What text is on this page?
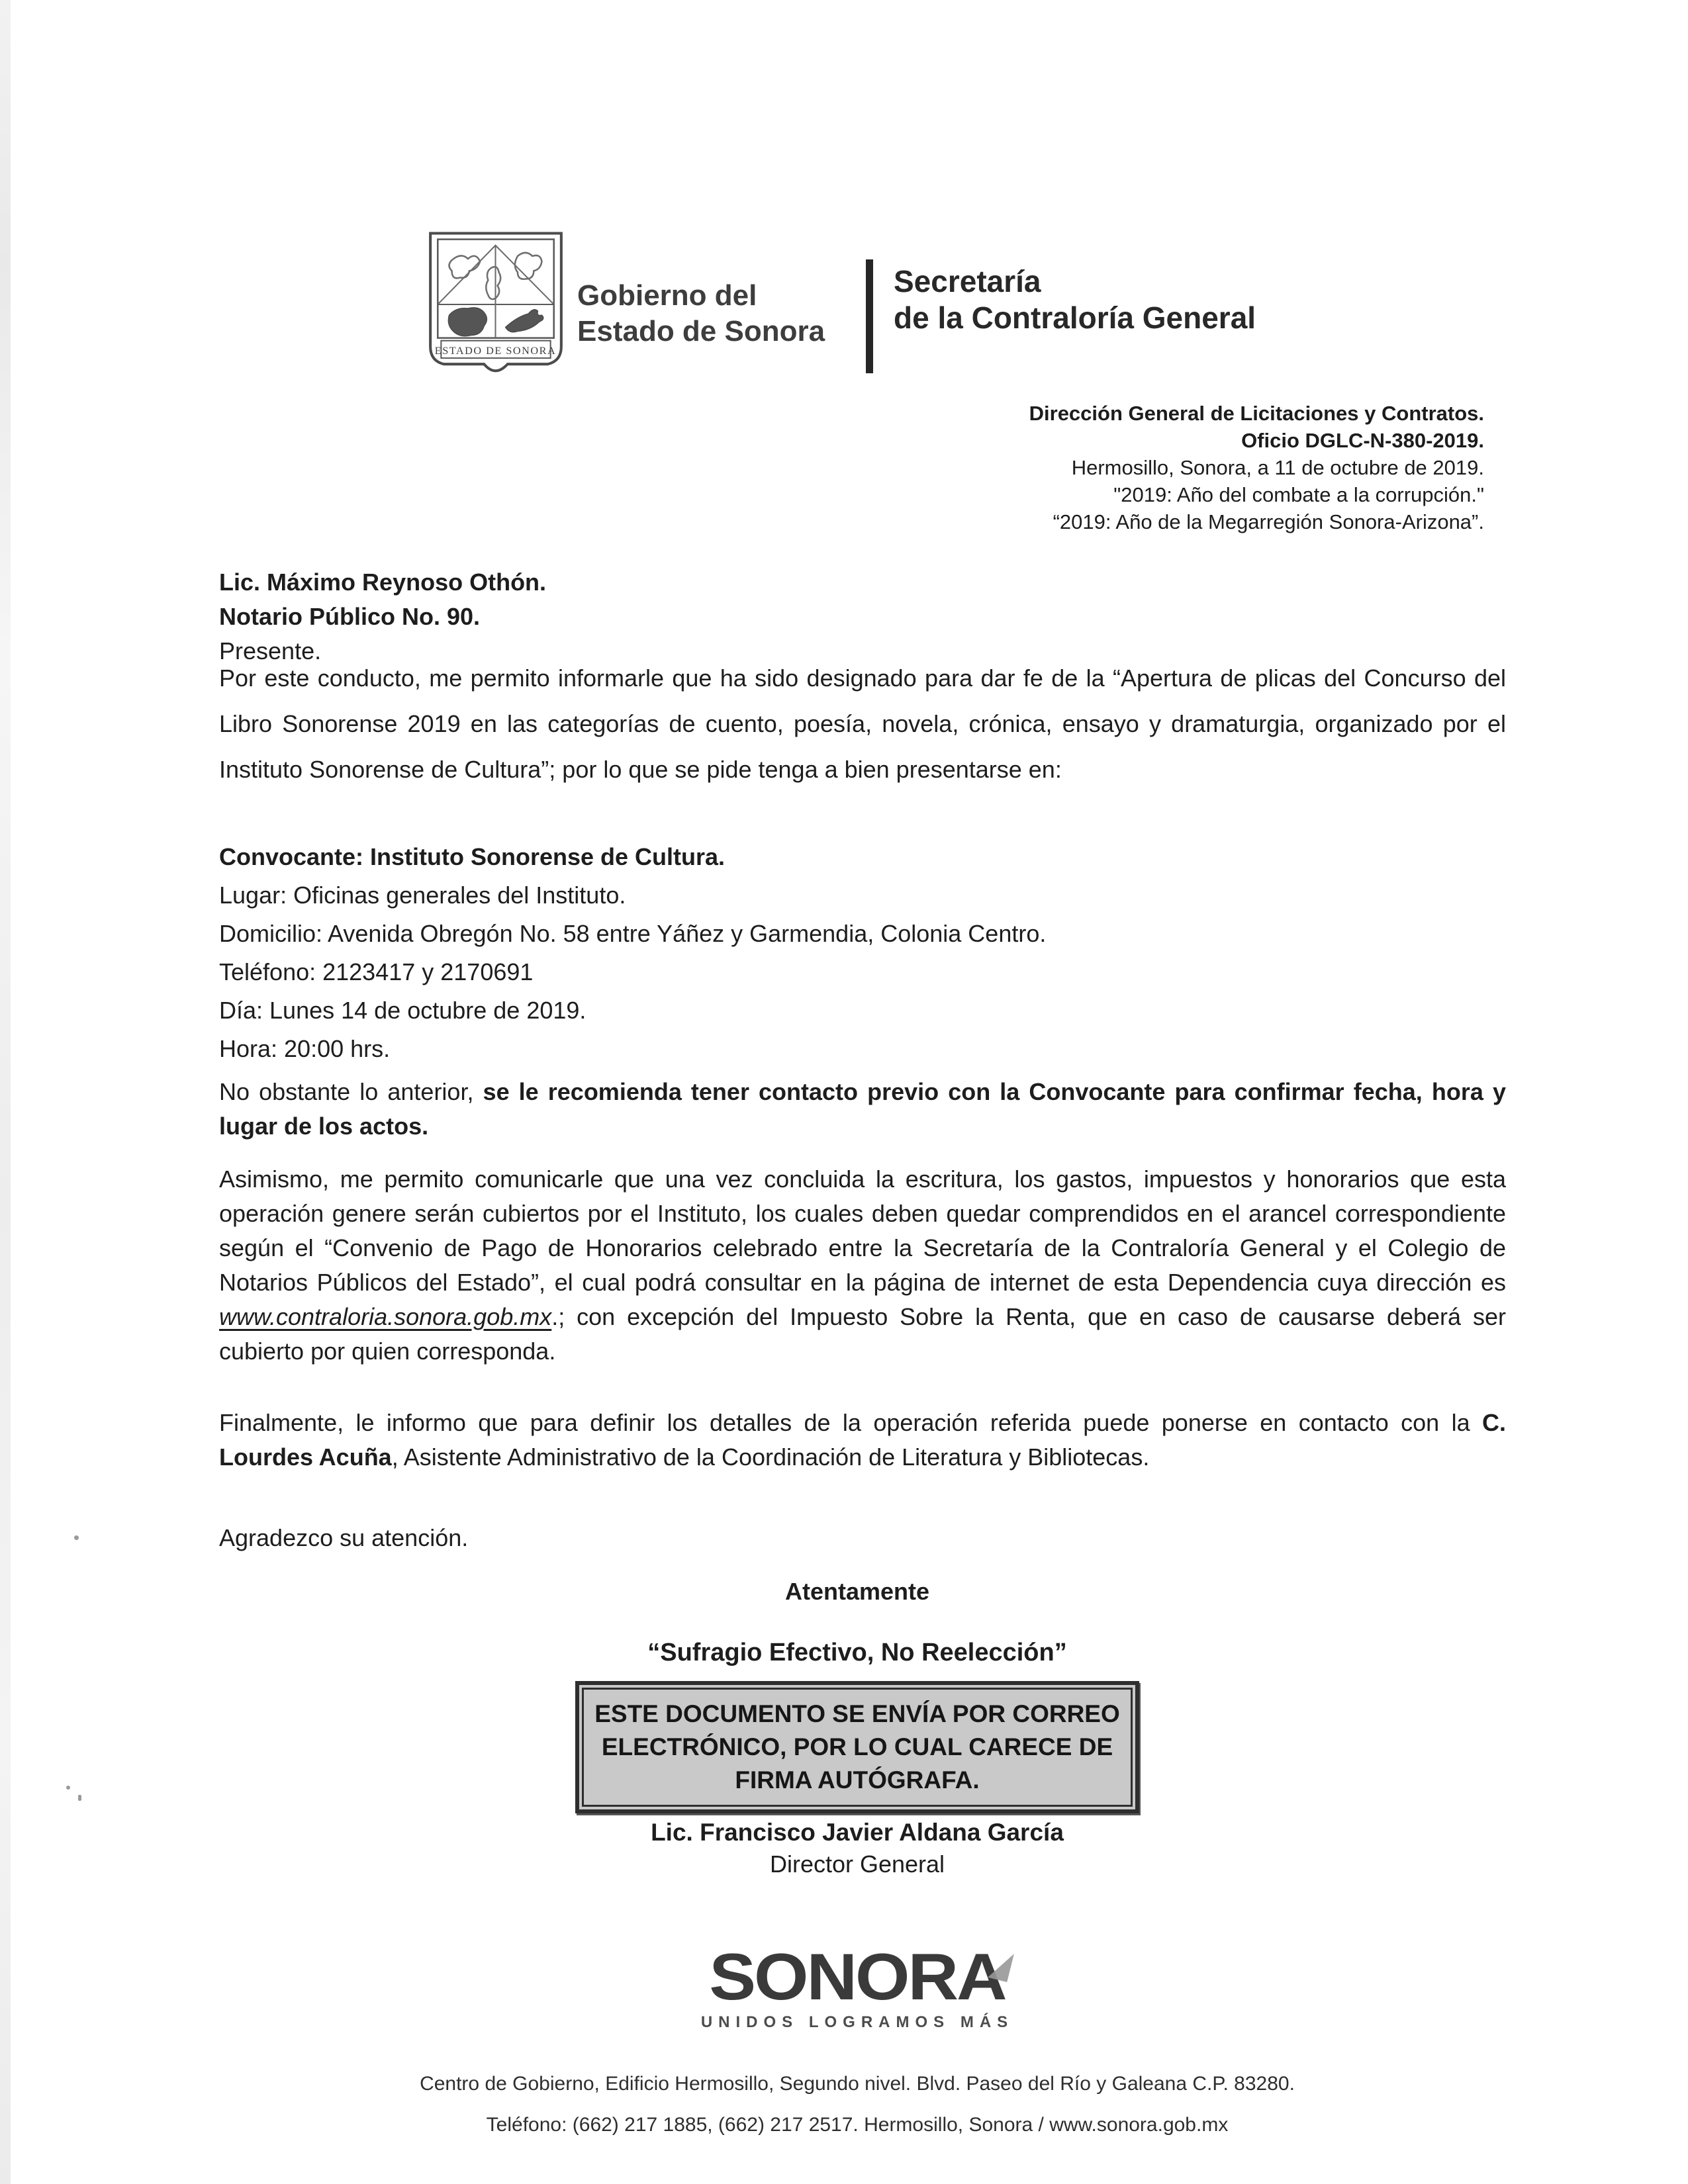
ESTADO DE SONORA
Gobierno del
Estado de Sonora
Secretaría
de la Contraloría General
Dirección General de Licitaciones y Contratos.
Oficio DGLC-N-380-2019.
Hermosillo, Sonora, a 11 de octubre de 2019.
"2019: Año del combate a la corrupción."
“2019: Año de la Megarregión Sonora-Arizona”.
Lic. Máximo Reynoso Othón.
Notario Público No. 90.
Presente.

Por este conducto, me permito informarle que ha sido designado para dar fe de la “Apertura de plicas del Concurso del Libro Sonorense 2019 en las categorías de cuento, poesía, novela, crónica, ensayo y dramaturgia, organizado por el Instituto Sonorense de Cultura”; por lo que se pide tenga a bien presentarse en:

Convocante: Instituto Sonorense de Cultura.
Lugar: Oficinas generales del Instituto.
Domicilio: Avenida Obregón No. 58 entre Yáñez y Garmendia, Colonia Centro.
Teléfono: 2123417 y 2170691
Día: Lunes 14 de octubre de 2019.
Hora: 20:00 hrs.

No obstante lo anterior, se le recomienda tener contacto previo con la Convocante para confirmar fecha, hora y lugar de los actos.

Asimismo, me permito comunicarle que una vez concluida la escritura, los gastos, impuestos y honorarios que esta operación genere serán cubiertos por el Instituto, los cuales deben quedar comprendidos en el arancel correspondiente según el “Convenio de Pago de Honorarios celebrado entre la Secretaría de la Contraloría General y el Colegio de Notarios Públicos del Estado”, el cual podrá consultar en la página de internet de esta Dependencia cuya dirección es www.contraloria.sonora.gob.mx.; con excepción del Impuesto Sobre la Renta, que en caso de causarse deberá ser cubierto por quien corresponda.

Finalmente, le informo que para definir los detalles de la operación referida puede ponerse en contacto con la C. Lourdes Acuña, Asistente Administrativo de la Coordinación de Literatura y Bibliotecas.

Agradezco su atención.

Atentamente
“Sufragio Efectivo, No Reelección”
ESTE DOCUMENTO SE ENVÍA POR CORREO
ELECTRÓNICO, POR LO CUAL CARECE DE
FIRMA AUTÓGRAFA.
Lic. Francisco Javier Aldana García
Director General
SONORA
UNIDOS LOGRAMOS MÁS
Centro de Gobierno, Edificio Hermosillo, Segundo nivel. Blvd. Paseo del Río y Galeana C.P. 83280.
Teléfono: (662) 217 1885, (662) 217 2517. Hermosillo, Sonora / www.sonora.gob.mx
